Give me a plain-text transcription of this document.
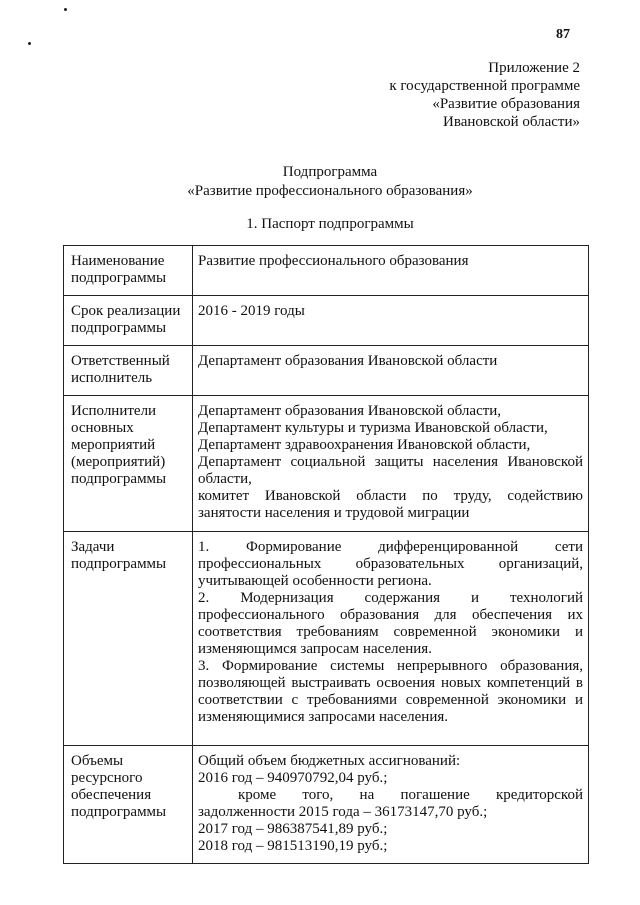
87
Приложение 2
к государственной программе
«Развитие образования
Ивановской области»
Подпрограмма
«Развитие профессионального образования»
1. Паспорт подпрограммы
Наименование подпрограммы	Развитие профессионального образования

Срок реализации подпрограммы	2016 - 2019 годы

Ответственный исполнитель	Департамент образования Ивановской области

Исполнители основных мероприятий (мероприятий) подпрограммы	Департамент образования Ивановской области,
Департамент культуры и туризма Ивановской области,
Департамент здравоохранения Ивановской области,
Департамент социальной защиты населения Ивановской области,
комитет Ивановской области по труду, содействию занятости населения и трудовой миграции

Задачи подпрограммы	1. Формирование дифференцированной сети профессиональных образовательных организаций, учитывающей особенности региона.
2. Модернизация содержания и технологий профессионального образования для обеспечения их соответствия требованиям современной экономики и изменяющимся запросам населения.
3. Формирование системы непрерывного образования, позволяющей выстраивать освоения новых компетенций в соответствии с требованиями современной экономики и изменяющимися запросами населения.

Объемы ресурсного обеспечения подпрограммы	Общий объем бюджетных ассигнований:
2016 год – 940970792,04 руб.;
кроме того, на погашение кредиторской задолженности 2015 года – 36173147,70 руб.;
2017 год – 986387541,89 руб.;
2018 год – 981513190,19 руб.;
